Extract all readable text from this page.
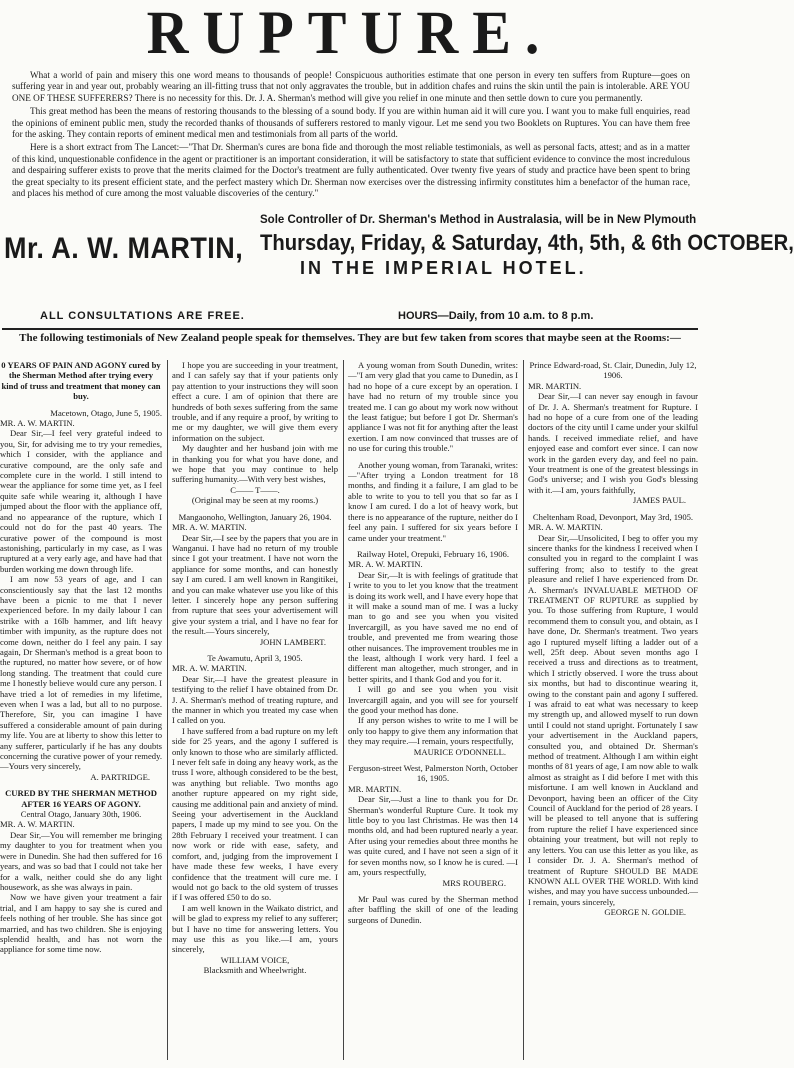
RUPTURE.

What a world of pain and misery this one word means to thousands of people! Conspicuous authorities estimate that one person in every ten suffers from Rupture—goes on suffering year in and year out, probably wearing an ill-fitting truss that not only aggravates the trouble, but in addition chafes and ruins the skin until the pain is intolerable. ARE YOU ONE OF THESE SUFFERERS? There is no necessity for this. Dr. J. A. Sherman's method will give you relief in one minute and then settle down to cure you permanently.

This great method has been the means of restoring thousands to the blessing of a sound body. If you are within human aid it will cure you. I want you to make full enquiries, read the opinions of eminent public men, study the recorded thanks of thousands of sufferers restored to manly vigour. Let me send you two Booklets on Ruptures. You can have them free for the asking. They contain reports of eminent medical men and testimonials from all parts of the world.

Here is a short extract from The Lancet:—"That Dr. Sherman's cures are bona fide and thorough the most reliable testimonials, as well as personal facts, attest; and as in a matter of this kind, unquestionable confidence in the agent or practitioner is an important consideration, it will be satisfactory to state that sufficient evidence to convince the most incredulous and despairing sufferer exists to prove that the merits claimed for the Doctor's treatment are fully authenticated. Over twenty five years of study and practice have been spent to bring the great specialty to its present efficient state, and the perfect mastery which Dr. Sherman now exercises over the distressing infirmity constitutes him a benefactor of the human race, and places his method of cure among the most valuable discoveries of the century."

Mr. A. W. MARTIN,
Sole Controller of Dr. Sherman's Method in Australasia, will be in New Plymouth
Thursday, Friday, & Saturday, 4th, 5th, & 6th OCTOBER,
IN THE IMPERIAL HOTEL.
ALL CONSULTATIONS ARE FREE.	HOURS—Daily, from 10 a.m. to 8 p.m.
The following testimonials of New Zealand people speak for themselves. They are but few taken from scores that maybe seen at the Rooms:—

0 YEARS OF PAIN AND AGONY cured by the Sherman Method after trying every kind of truss and treatment that money can buy.

Macetown, Otago, June 5, 1905.

MR. A. W. MARTIN.

Dear Sir,—I feel very grateful indeed to you, Sir, for advising me to try your remedies, which I consider, with the appliance and curative compound, are the only safe and complete cure in the world. I still intend to wear the appliance for some time yet, as I feel quite safe while wearing it, although I have jumped about the floor with the appliance off, and no appearance of the rupture, which I could not do for the past 40 years. The curative power of the compound is most astonishing, particularly in my case, as I was ruptured at a very early age, and have had that burden working me down through life.

I am now 53 years of age, and I can conscientiously say that the last 12 months have been a picnic to me that I never experienced before. In my daily labour I can strike with a 16lb hammer, and lift heavy timber with impunity, as the rupture does not come down, neither do I feel any pain. I say again, Dr Sherman's method is a great boon to the ruptured, no matter how severe, or of how long standing. The treatment that could cure me I honestly believe would cure any person. I have tried a lot of remedies in my lifetime, even when I was a lad, but all to no purpose. Therefore, Sir, you can imagine I have suffered a considerable amount of pain during my life. You are at liberty to show this letter to any sufferer, particularly if he has any doubts concerning the curative power of your remedy.—Yours very sincerely,

A. PARTRIDGE.

CURED BY THE SHERMAN METHOD AFTER 16 YEARS OF AGONY.

Central Otago, January 30th, 1906.

MR. A. W. MARTIN.

Dear Sir,—You will remember me bringing my daughter to you for treatment when you were in Dunedin. She had then suffered for 16 years, and was so bad that I could not take her for a walk, neither could she do any light housework, as she was always in pain.

Now we have given your treatment a fair trial, and I am happy to say she is cured and feels nothing of her trouble. She has since got married, and has two children. She is enjoying splendid health, and has not worn the appliance for some time now.

I hope you are succeeding in your treatment, and I can safely say that if your patients only pay attention to your instructions they will soon effect a cure. I am of opinion that there are hundreds of both sexes suffering from the same trouble, and if any require a proof, by writing to me or my daughter, we will give them every information on the subject.

My daughter and her husband join with me in thanking you for what you have done, and we hope that you may continue to help suffering humanity.—With very best wishes,

C—— T——.

(Original may be seen at my rooms.)

Mangaonoho, Wellington, January 26, 1904.

MR. A. W. MARTIN.

Dear Sir,—I see by the papers that you are in Wanganui. I have had no return of my trouble since I got your treatment. I have not worn the appliance for some months, and can honestly say I am cured. I am well known in Rangitikei, and you can make whatever use you like of this letter. I sincerely hope any person suffering from rupture that sees your advertisement will give your system a trial, and I have no fear for the result.—Yours sincerely,

JOHN LAMBERT.

Te Awamutu, April 3, 1905.

MR. A. W. MARTIN.

Dear Sir,—I have the greatest pleasure in testifying to the relief I have obtained from Dr. J. A. Sherman's method of treating rupture, and the manner in which you treated my case when I called on you.

I have suffered from a bad rupture on my left side for 25 years, and the agony I suffered is only known to those who are similarly afflicted. I never felt safe in doing any heavy work, as the truss I wore, although considered to be the best, was anything but reliable. Two months ago another rupture appeared on my right side, causing me additional pain and anxiety of mind. Seeing your advertisement in the Auckland papers, I made up my mind to see you. On the 28th February I received your treatment. I can now work or ride with ease, safety, and comfort, and, judging from the improvement I have made these few weeks, I have every confidence that the treatment will cure me. I would not go back to the old system of trusses if I was offered £50 to do so.

I am well known in the Waikato district, and will be glad to express my relief to any sufferer; but I have no time for answering letters. You may use this as you like.—I am, yours sincerely,

WILLIAM VOICE,

Blacksmith and Wheelwright.

A young woman from South Dunedin, writes:—"I am very glad that you came to Dunedin, as I had no hope of a cure except by an operation. I have had no return of my trouble since you treated me. I can go about my work now without the least fatigue; but before I got Dr. Sherman's appliance I was not fit for anything after the least exertion. I am now convinced that trusses are of no use for curing this trouble."

Another young woman, from Taranaki, writes:—"After trying a London treatment for 18 months, and finding it a failure, I am glad to be able to write to you to tell you that so far as I know I am cured. I do a lot of heavy work, but there is no appearance of the rupture, neither do I feel any pain. I suffered for six years before I came under your treatment."

Railway Hotel, Orepuki, February 16, 1906.

MR. A. W. MARTIN.

Dear Sir,—It is with feelings of gratitude that I write to you to let you know that the treatment is doing its work well, and I have every hope that it will make a sound man of me. I was a lucky man to go and see you when you visited Invercargill, as you have saved me no end of trouble, and prevented me from wearing those other nuisances. The improvement troubles me in the least, although I work very hard. I feel a different man altogether, much stronger, and in better spirits, and I thank God and you for it.

I will go and see you when you visit Invercargill again, and you will see for yourself the good your method has done.

If any person wishes to write to me I will be only too happy to give them any information that they may require.—I remain, yours respectfully,

MAURICE O'DONNELL.

Ferguson-street West, Palmerston North, October 16, 1905.

MR. MARTIN.

Dear Sir,—Just a line to thank you for Dr. Sherman's wonderful Rupture Cure. It took my little boy to you last Christmas. He was then 14 months old, and had been ruptured nearly a year. After using your remedies about three months he was quite cured, and I have not seen a sign of it for seven months now, so I know he is cured. —I am, yours respectfully,

MRS ROUBERG.

Mr Paul was cured by the Sherman method after baffling the skill of one of the leading surgeons of Dunedin.

Prince Edward-road, St. Clair, Dunedin, July 12, 1906.

MR. MARTIN.

Dear Sir,—I can never say enough in favour of Dr. J. A. Sherman's treatment for Rupture. I had no hope of a cure from one of the leading doctors of the city until I came under your skilful hands. I received immediate relief, and have enjoyed ease and comfort ever since. I can now work in the garden every day, and feel no pain. Your treatment is one of the greatest blessings in God's universe; and I wish you God's blessing with it.—I am, yours faithfully,

JAMES PAUL.

Cheltenham Road, Devonport, May 3rd, 1905.

MR. A. W. MARTIN.

Dear Sir,—Unsolicited, I beg to offer you my sincere thanks for the kindness I received when I consulted you in regard to the complaint I was suffering from; also to testify to the great pleasure and relief I have experienced from Dr. A. Sherman's INVALUABLE METHOD OF TREATMENT OF RUPTURE as supplied by you. To those suffering from Rupture, I would recommend them to consult you, and obtain, as I have done, Dr. Sherman's treatment. Two years ago I ruptured myself lifting a ladder out of a well, 25ft deep. About seven months ago I received a truss and directions as to treatment, which I strictly observed. I wore the truss about six months, but had to discontinue wearing it, owing to the constant pain and agony I suffered. I was afraid to eat what was necessary to keep my strength up, and allowed myself to run down until I could not stand upright. Fortunately I saw your advertisement in the Auckland papers, consulted you, and obtained Dr. Sherman's method of treatment. Although I am within eight months of 81 years of age, I am now able to walk almost as straight as I did before I met with this misfortune. I am well known in Auckland and Devonport, having been an officer of the City Council of Auckland for the period of 28 years. I will be pleased to tell anyone that is suffering from rupture the relief I have experienced since obtaining your treatment, but will not reply to any letters. You can use this letter as you like, as I consider Dr. J. A. Sherman's method of treatment of Rupture SHOULD BE MADE KNOWN ALL OVER THE WORLD. With kind wishes, and may you have success unbounded.—I remain, yours sincerely,

GEORGE N. GOLDIE.
